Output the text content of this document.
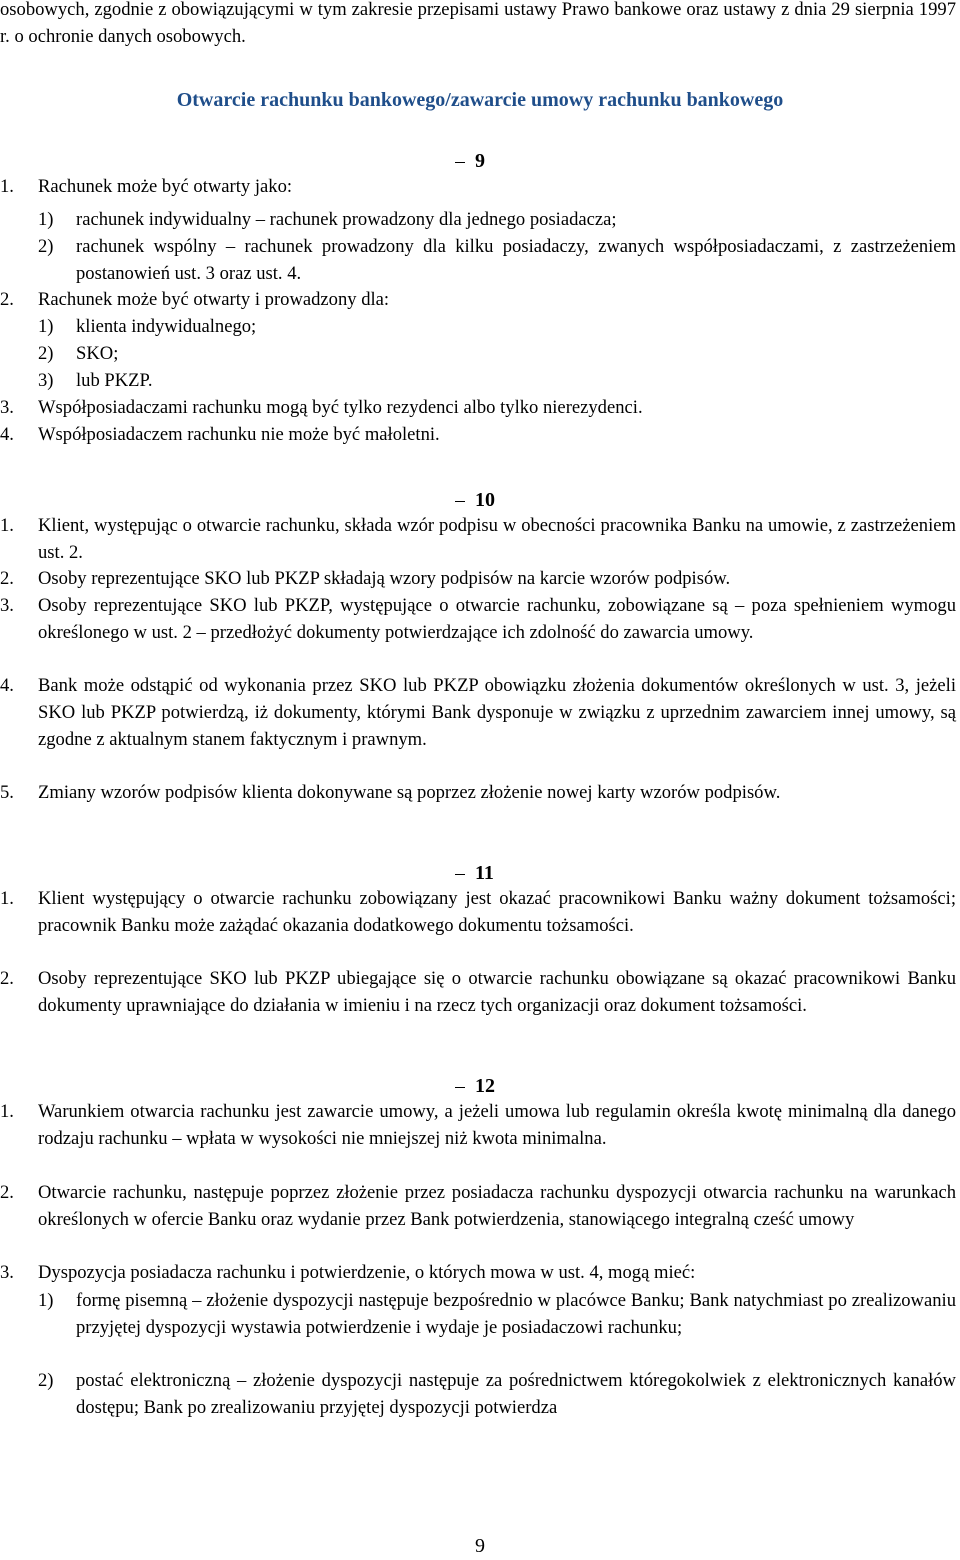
osobowych, zgodnie z obowiązującymi w tym zakresie przepisami ustawy Prawo bankowe oraz ustawy z dnia 29 sierpnia 1997 r. o ochronie danych osobowych.
Otwarcie rachunku bankowego/zawarcie umowy rachunku bankowego
9
1. Rachunek może być otwarty jako:
1) rachunek indywidualny – rachunek prowadzony dla jednego posiadacza;
2) rachunek wspólny – rachunek prowadzony dla kilku posiadaczy, zwanych współposiadaczami, z zastrzeżeniem postanowień ust. 3 oraz ust. 4.
2. Rachunek może być otwarty i prowadzony dla:
1) klienta indywidualnego;
2) SKO;
3) lub PKZP.
3. Współposiadaczami rachunku mogą być tylko rezydenci albo tylko nierezydenci.
4. Współposiadaczem rachunku nie może być małoletni.
10
1. Klient, występując o otwarcie rachunku, składa wzór podpisu w obecności pracownika Banku na umowie, z zastrzeżeniem ust. 2.
2. Osoby reprezentujące SKO lub PKZP składają wzory podpisów na karcie wzorów podpisów.
3. Osoby reprezentujące SKO lub PKZP, występujące o otwarcie rachunku, zobowiązane są – poza spełnieniem wymogu określonego w ust. 2 – przedłożyć dokumenty potwierdzające ich zdolność do zawarcia umowy.
4. Bank może odstąpić od wykonania przez SKO lub PKZP obowiązku złożenia dokumentów określonych w ust. 3, jeżeli SKO lub PKZP potwierdzą, iż dokumenty, którymi Bank dysponuje w związku z uprzednim zawarciem innej umowy, są zgodne z aktualnym stanem faktycznym i prawnym.
5. Zmiany wzorów podpisów klienta dokonywane są poprzez złożenie nowej karty wzorów podpisów.
11
1. Klient występujący o otwarcie rachunku zobowiązany jest okazać pracownikowi Banku ważny dokument tożsamości; pracownik Banku może zażądać okazania dodatkowego dokumentu tożsamości.
2. Osoby reprezentujące SKO lub PKZP ubiegające się o otwarcie rachunku obowiązane są okazać pracownikowi Banku dokumenty uprawniające do działania w imieniu i na rzecz tych organizacji oraz dokument tożsamości.
12
1. Warunkiem otwarcia rachunku jest zawarcie umowy, a jeżeli umowa lub regulamin określa kwotę minimalną dla danego rodzaju rachunku – wpłata w wysokości nie mniejszej niż kwota minimalna.
2. Otwarcie rachunku, następuje poprzez złożenie przez posiadacza rachunku dyspozycji otwarcia rachunku na warunkach określonych w ofercie Banku oraz wydanie przez Bank potwierdzenia, stanowiącego integralną cześć umowy
3. Dyspozycja posiadacza rachunku i potwierdzenie, o których mowa w ust. 4, mogą mieć:
1) formę pisemną – złożenie dyspozycji następuje bezpośrednio w placówce Banku; Bank natychmiast po zrealizowaniu przyjętej dyspozycji wystawia potwierdzenie i wydaje je posiadaczowi rachunku;
2) postać elektroniczną – złożenie dyspozycji następuje za pośrednictwem któregokolwiek z elektronicznych kanałów dostępu; Bank po zrealizowaniu przyjętej dyspozycji potwierdza
9
